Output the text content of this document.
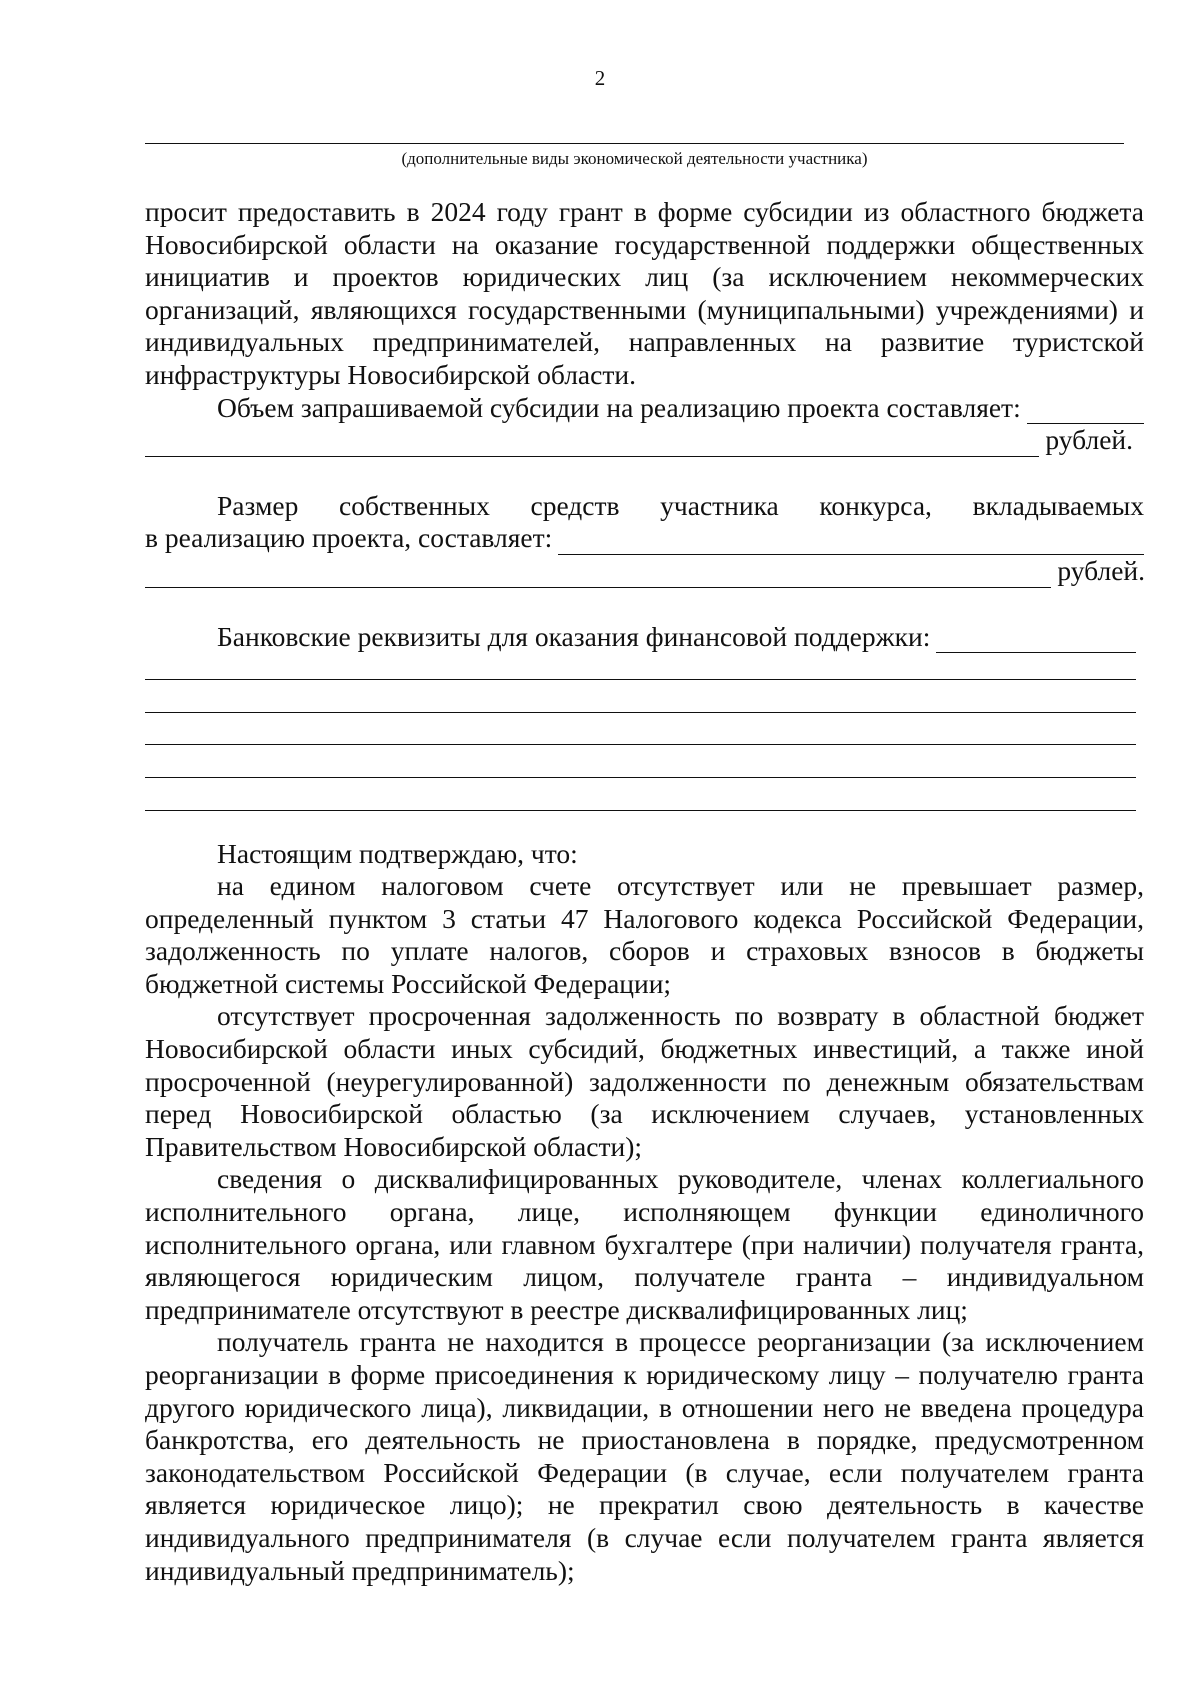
2
(дополнительные виды экономической деятельности участника)

просит предоставить в 2024 году грант в форме субсидии из областного бюджета Новосибирской области на оказание государственной поддержки общественных инициатив и проектов юридических лиц (за исключением некоммерческих организаций, являющихся государственными (муниципальными) учреждениями) и индивидуальных предпринимателей, направленных на развитие туристской инфраструктуры Новосибирской области.

Объем запрашиваемой субсидии на реализацию проекта составляет:
рублей.

Размер собственных средств участника конкурса, вкладываемых

в реализацию проекта, составляет:
рублей.
Банковские реквизиты для оказания финансовой поддержки:

Настоящим подтверждаю, что:

на едином налоговом счете отсутствует или не превышает размер, определенный пунктом 3 статьи 47 Налогового кодекса Российской Федерации, задолженность по уплате налогов, сборов и страховых взносов в бюджеты бюджетной системы Российской Федерации;

отсутствует просроченная задолженность по возврату в областной бюджет Новосибирской области иных субсидий, бюджетных инвестиций, а также иной просроченной (неурегулированной) задолженности по денежным обязательствам перед Новосибирской областью (за исключением случаев, установленных Правительством Новосибирской области);

сведения о дисквалифицированных руководителе, членах коллегиального исполнительного органа, лице, исполняющем функции единоличного исполнительного органа, или главном бухгалтере (при наличии) получателя гранта, являющегося юридическим лицом, получателе гранта – индивидуальном предпринимателе отсутствуют в реестре дисквалифицированных лиц;

получатель гранта не находится в процессе реорганизации (за исключением реорганизации в форме присоединения к юридическому лицу – получателю гранта другого юридического лица), ликвидации, в отношении него не введена процедура банкротства, его деятельность не приостановлена в порядке, предусмотренном законодательством Российской Федерации (в случае, если получателем гранта является юридическое лицо); не прекратил свою деятельность в качестве индивидуального предпринимателя (в случае если получателем гранта является индивидуальный предприниматель);
